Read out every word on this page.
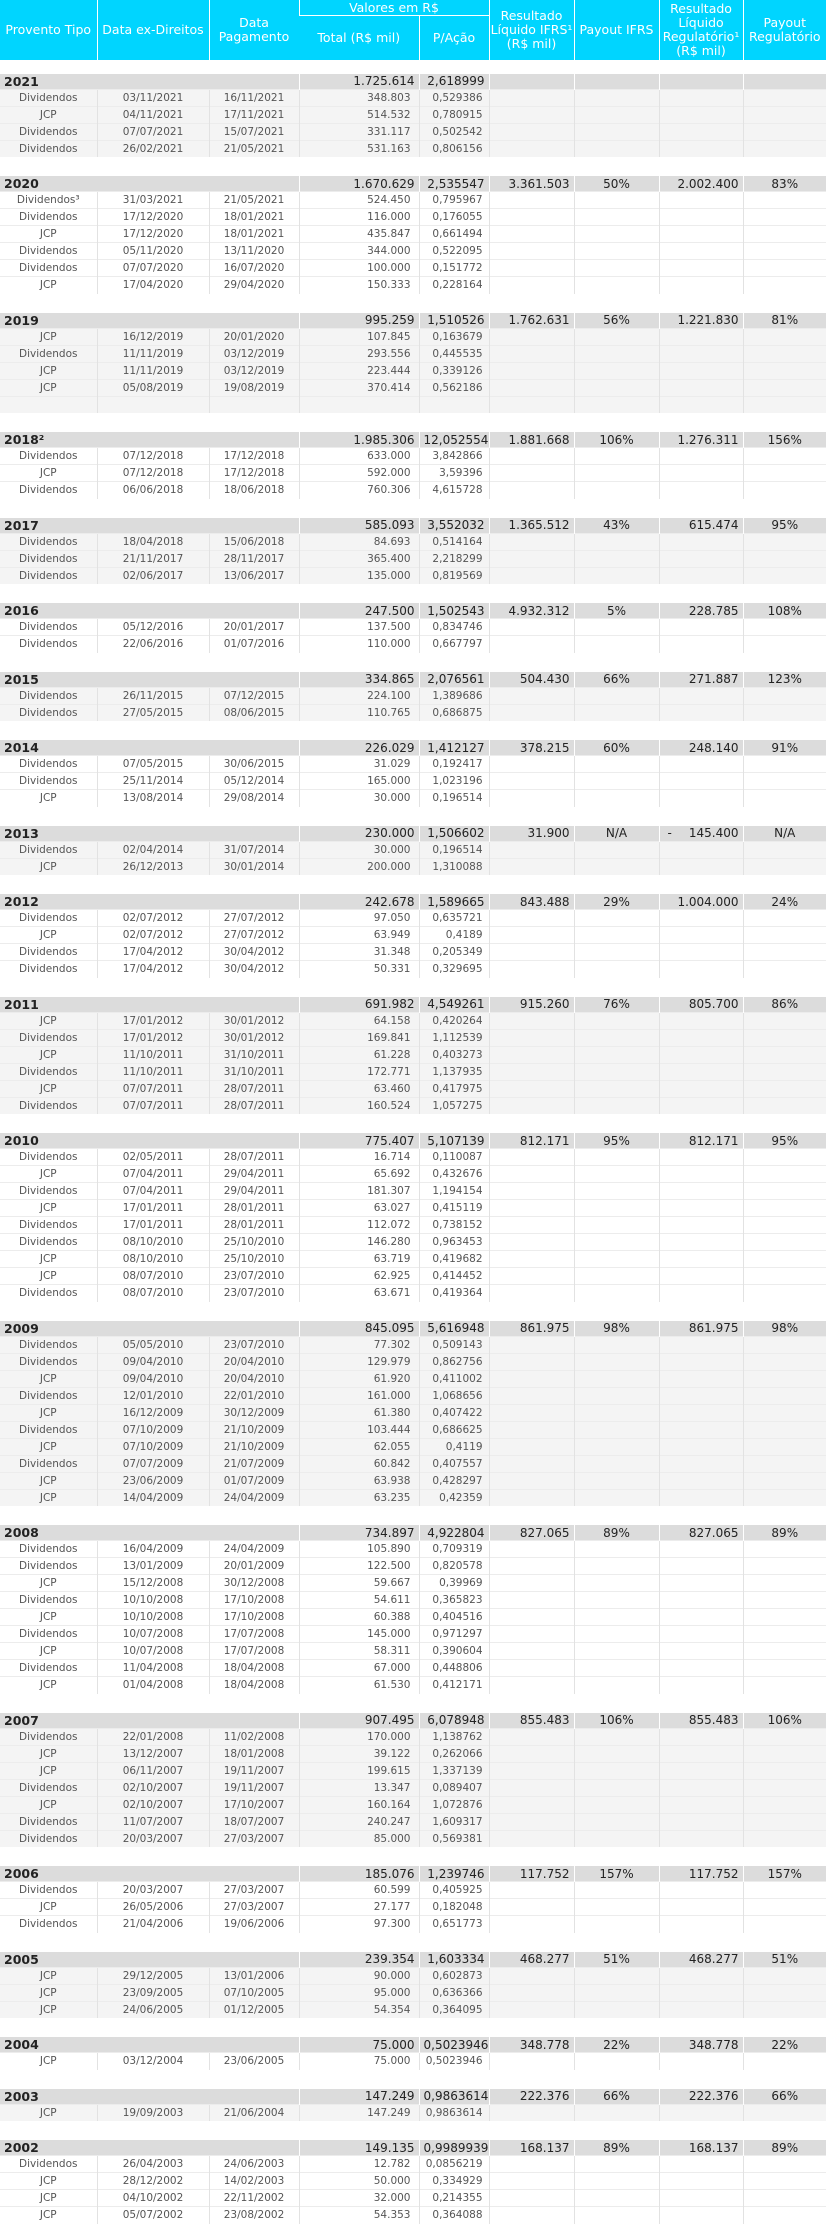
Provento Tipo	Data ex-Direitos	Data Pagamento	Valores em R$		Resultado Líquido IFRS¹ (R$ mil)	Payout IFRS	Resultado Líquido Regulatório¹ (R$ mil)	Payout Regulatório
			Total (R$ mil)	P/Ação				

2021			1.725.614	2,618999				
Dividendos	03/11/2021	16/11/2021	348.803	0,529386				
JCP	04/11/2021	17/11/2021	514.532	0,780915				
Dividendos	07/07/2021	15/07/2021	331.117	0,502542				
Dividendos	26/02/2021	21/05/2021	531.163	0,806156				

2020			1.670.629	2,535547	3.361.503	50%	2.002.400	83%
Dividendos³	31/03/2021	21/05/2021	524.450	0,795967				
Dividendos	17/12/2020	18/01/2021	116.000	0,176055				
JCP	17/12/2020	18/01/2021	435.847	0,661494				
Dividendos	05/11/2020	13/11/2020	344.000	0,522095				
Dividendos	07/07/2020	16/07/2020	100.000	0,151772				
JCP	17/04/2020	29/04/2020	150.333	0,228164				

2019			995.259	1,510526	1.762.631	56%	1.221.830	81%
JCP	16/12/2019	20/01/2020	107.845	0,163679				
Dividendos	11/11/2019	03/12/2019	293.556	0,445535				
JCP	11/11/2019	03/12/2019	223.444	0,339126				
JCP	05/08/2019	19/08/2019	370.414	0,562186				

2018²			1.985.306	12,052554	1.881.668	106%	1.276.311	156%
Dividendos	07/12/2018	17/12/2018	633.000	3,842866				
JCP	07/12/2018	17/12/2018	592.000	3,59396				
Dividendos	06/06/2018	18/06/2018	760.306	4,615728				

2017			585.093	3,552032	1.365.512	43%	615.474	95%
Dividendos	18/04/2018	15/06/2018	84.693	0,514164				
Dividendos	21/11/2017	28/11/2017	365.400	2,218299				
Dividendos	02/06/2017	13/06/2017	135.000	0,819569				

2016			247.500	1,502543	4.932.312	5%	228.785	108%
Dividendos	05/12/2016	20/01/2017	137.500	0,834746				
Dividendos	22/06/2016	01/07/2016	110.000	0,667797				

2015			334.865	2,076561	504.430	66%	271.887	123%
Dividendos	26/11/2015	07/12/2015	224.100	1,389686				
Dividendos	27/05/2015	08/06/2015	110.765	0,686875				

2014			226.029	1,412127	378.215	60%	248.140	91%
Dividendos	07/05/2015	30/06/2015	31.029	0,192417				
Dividendos	25/11/2014	05/12/2014	165.000	1,023196				
JCP	13/08/2014	29/08/2014	30.000	0,196514				

2013			230.000	1,506602	31.900	N/A	- 145.400	N/A
Dividendos	02/04/2014	31/07/2014	30.000	0,196514				
JCP	26/12/2013	30/01/2014	200.000	1,310088				

2012			242.678	1,589665	843.488	29%	1.004.000	24%
Dividendos	02/07/2012	27/07/2012	97.050	0,635721				
JCP	02/07/2012	27/07/2012	63.949	0,4189				
Dividendos	17/04/2012	30/04/2012	31.348	0,205349				
Dividendos	17/04/2012	30/04/2012	50.331	0,329695				

2011			691.982	4,549261	915.260	76%	805.700	86%
JCP	17/01/2012	30/01/2012	64.158	0,420264				
Dividendos	17/01/2012	30/01/2012	169.841	1,112539				
JCP	11/10/2011	31/10/2011	61.228	0,403273				
Dividendos	11/10/2011	31/10/2011	172.771	1,137935				
JCP	07/07/2011	28/07/2011	63.460	0,417975				
Dividendos	07/07/2011	28/07/2011	160.524	1,057275				

2010			775.407	5,107139	812.171	95%	812.171	95%
Dividendos	02/05/2011	28/07/2011	16.714	0,110087				
JCP	07/04/2011	29/04/2011	65.692	0,432676				
Dividendos	07/04/2011	29/04/2011	181.307	1,194154				
JCP	17/01/2011	28/01/2011	63.027	0,415119				
Dividendos	17/01/2011	28/01/2011	112.072	0,738152				
Dividendos	08/10/2010	25/10/2010	146.280	0,963453				
JCP	08/10/2010	25/10/2010	63.719	0,419682				
JCP	08/07/2010	23/07/2010	62.925	0,414452				
Dividendos	08/07/2010	23/07/2010	63.671	0,419364				

2009			845.095	5,616948	861.975	98%	861.975	98%
Dividendos	05/05/2010	23/07/2010	77.302	0,509143				
Dividendos	09/04/2010	20/04/2010	129.979	0,862756				
JCP	09/04/2010	20/04/2010	61.920	0,411002				
Dividendos	12/01/2010	22/01/2010	161.000	1,068656				
JCP	16/12/2009	30/12/2009	61.380	0,407422				
Dividendos	07/10/2009	21/10/2009	103.444	0,686625				
JCP	07/10/2009	21/10/2009	62.055	0,4119				
Dividendos	07/07/2009	21/07/2009	60.842	0,407557				
JCP	23/06/2009	01/07/2009	63.938	0,428297				
JCP	14/04/2009	24/04/2009	63.235	0,42359				

2008			734.897	4,922804	827.065	89%	827.065	89%
Dividendos	16/04/2009	24/04/2009	105.890	0,709319				
Dividendos	13/01/2009	20/01/2009	122.500	0,820578				
JCP	15/12/2008	30/12/2008	59.667	0,39969				
Dividendos	10/10/2008	17/10/2008	54.611	0,365823				
JCP	10/10/2008	17/10/2008	60.388	0,404516				
Dividendos	10/07/2008	17/07/2008	145.000	0,971297				
JCP	10/07/2008	17/07/2008	58.311	0,390604				
Dividendos	11/04/2008	18/04/2008	67.000	0,448806				
JCP	01/04/2008	18/04/2008	61.530	0,412171				

2007			907.495	6,078948	855.483	106%	855.483	106%
Dividendos	22/01/2008	11/02/2008	170.000	1,138762				
JCP	13/12/2007	18/01/2008	39.122	0,262066				
JCP	06/11/2007	19/11/2007	199.615	1,337139				
Dividendos	02/10/2007	19/11/2007	13.347	0,089407				
JCP	02/10/2007	17/10/2007	160.164	1,072876				
Dividendos	11/07/2007	18/07/2007	240.247	1,609317				
Dividendos	20/03/2007	27/03/2007	85.000	0,569381				

2006			185.076	1,239746	117.752	157%	117.752	157%
Dividendos	20/03/2007	27/03/2007	60.599	0,405925				
JCP	26/05/2006	27/03/2007	27.177	0,182048				
Dividendos	21/04/2006	19/06/2006	97.300	0,651773				

2005			239.354	1,603334	468.277	51%	468.277	51%
JCP	29/12/2005	13/01/2006	90.000	0,602873				
JCP	23/09/2005	07/10/2005	95.000	0,636366				
JCP	24/06/2005	01/12/2005	54.354	0,364095				

2004			75.000	0,5023946	348.778	22%	348.778	22%
JCP	03/12/2004	23/06/2005	75.000	0,5023946				

2003			147.249	0,9863614	222.376	66%	222.376	66%
JCP	19/09/2003	21/06/2004	147.249	0,9863614				

2002			149.135	0,9989939	168.137	89%	168.137	89%
Dividendos	26/04/2003	24/06/2003	12.782	0,0856219				
JCP	28/12/2002	14/02/2003	50.000	0,334929				
JCP	04/10/2002	22/11/2002	32.000	0,214355				
JCP	05/07/2002	23/08/2002	54.353	0,364088				
